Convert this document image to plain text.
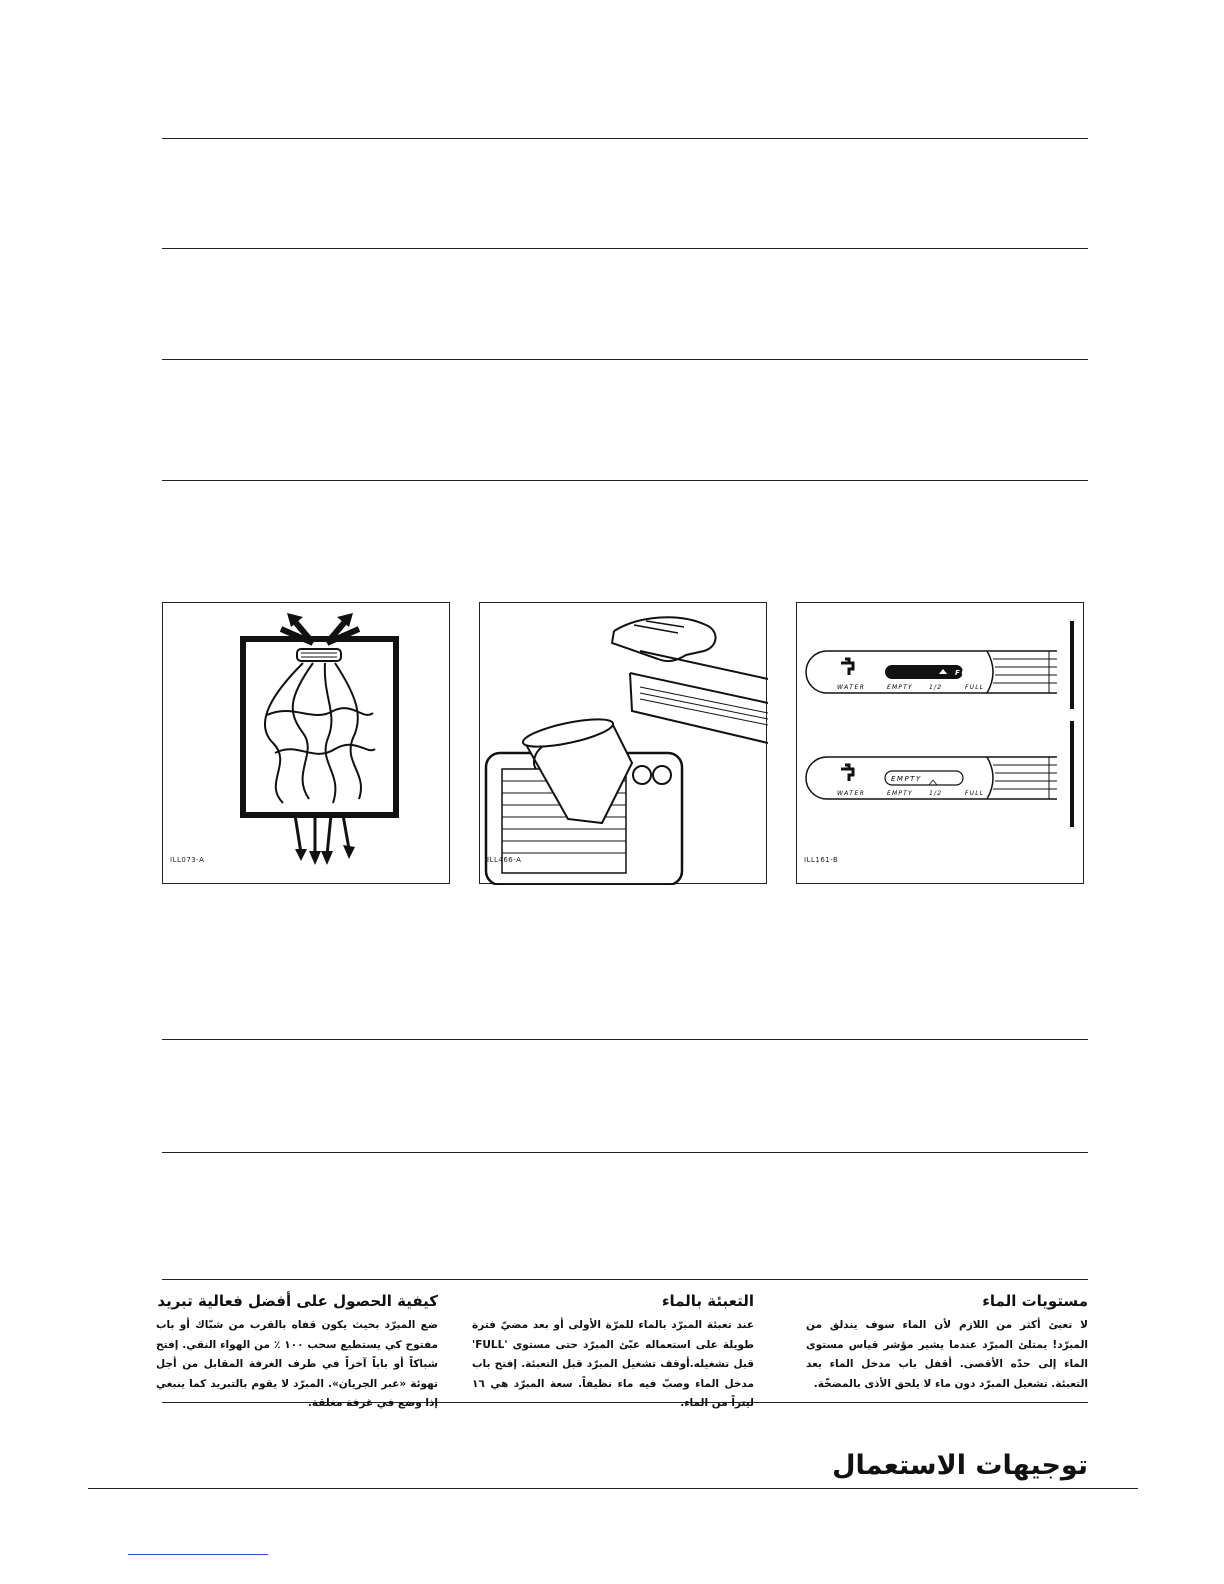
ILL073-A	ILL466-A
FULL
WATER	EMPTY	1/2	FULL
EMPTY
WATER	EMPTY	1/2	FULL
ILL161-B
مستويات الماء

لا تعبئ أكثر من اللازم لأن الماء سوف يندلق من المبرّد! يمتلئ المبرّد عندما يشير مؤشر قياس مستوى الماء إلى حدّه الأقصى. أقفل باب مدخل الماء بعد التعبئة. تشغيل المبرّد دون ماء لا يلحق الأذى بالمضخّة.

التعبئة بالماء

عند تعبئة المبرّد بالماء للمرّة الأولى أو بعد مضيّ فترة طويلة على استعماله عبّئ المبرّد حتى مستوى 'FULL' قبل تشغيله.أوقف تشغيل المبرّد قبل التعبئة. إفتح باب مدخل الماء وصبّ فيه ماء نظيفاً. سعة المبرّد هي ١٦ ليتراً من الماء.

كيفية الحصول على أفضل فعالية تبريد

ضع المبرّد بحيث يكون قفاه بالقرب من شبّاك أو باب مفتوح كي يستطيع سحب ١٠٠ ٪ من الهواء النقي. إفتح شباكاً أو باباً آخراً في طرف الغرفة المقابل من أجل تهوئة «عبر الجريان». المبرّد لا يقوم بالتبريد كما ينبغي إذا وضع في غرفة مغلقة.

توجيهات الاستعمال
